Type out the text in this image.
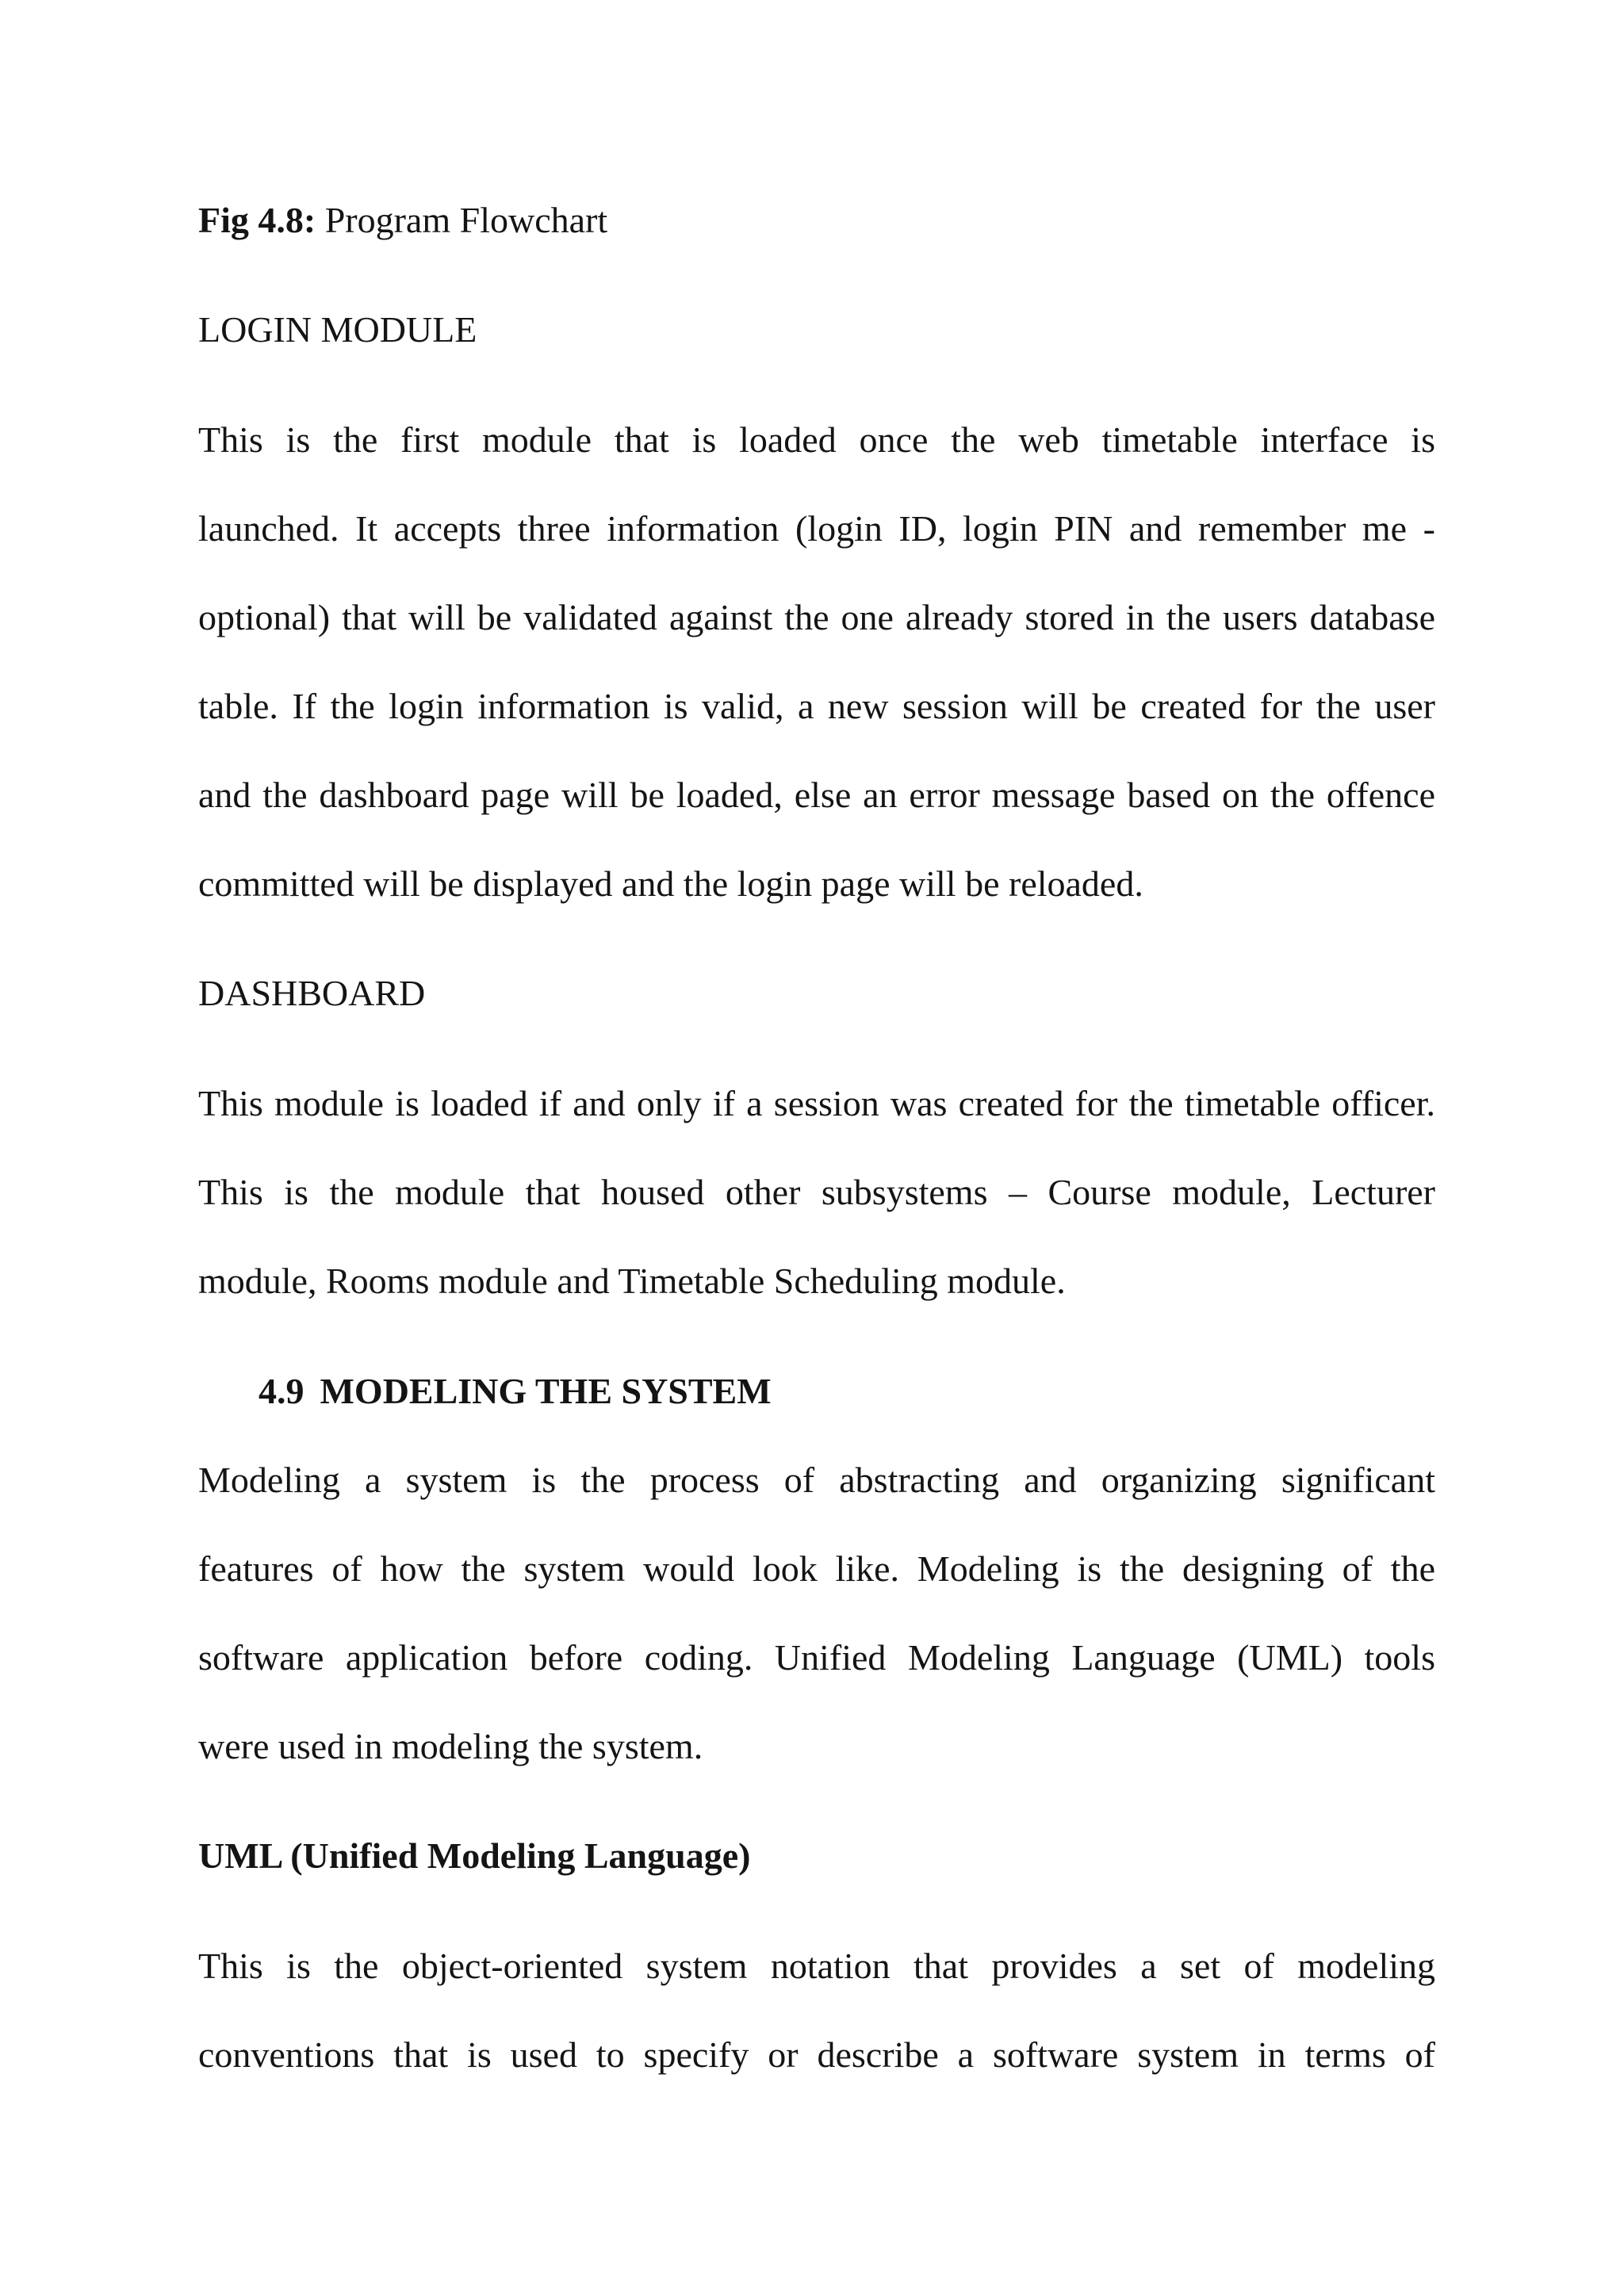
Fig 4.8: Program Flowchart

LOGIN MODULE

This is the first module that is loaded once the web timetable interface is

launched. It accepts three information (login ID, login PIN and remember me -

optional) that will be validated against the one already stored in the users database

table. If the login information is valid, a new session will be created for the user

and the dashboard page will be loaded, else an error message based on the offence

committed will be displayed and the login page will be reloaded.

DASHBOARD

This module is loaded if and only if a session was created for the timetable officer.

This is the module that housed other subsystems – Course module, Lecturer

module, Rooms module and Timetable Scheduling module.

4.9 MODELING THE SYSTEM

Modeling a system is the process of abstracting and organizing significant

features of how the system would look like. Modeling is the designing of the

software application before coding. Unified Modeling Language (UML) tools

were used in modeling the system.

UML (Unified Modeling Language)

This is the object-oriented system notation that provides a set of modeling

conventions that is used to specify or describe a software system in terms of
